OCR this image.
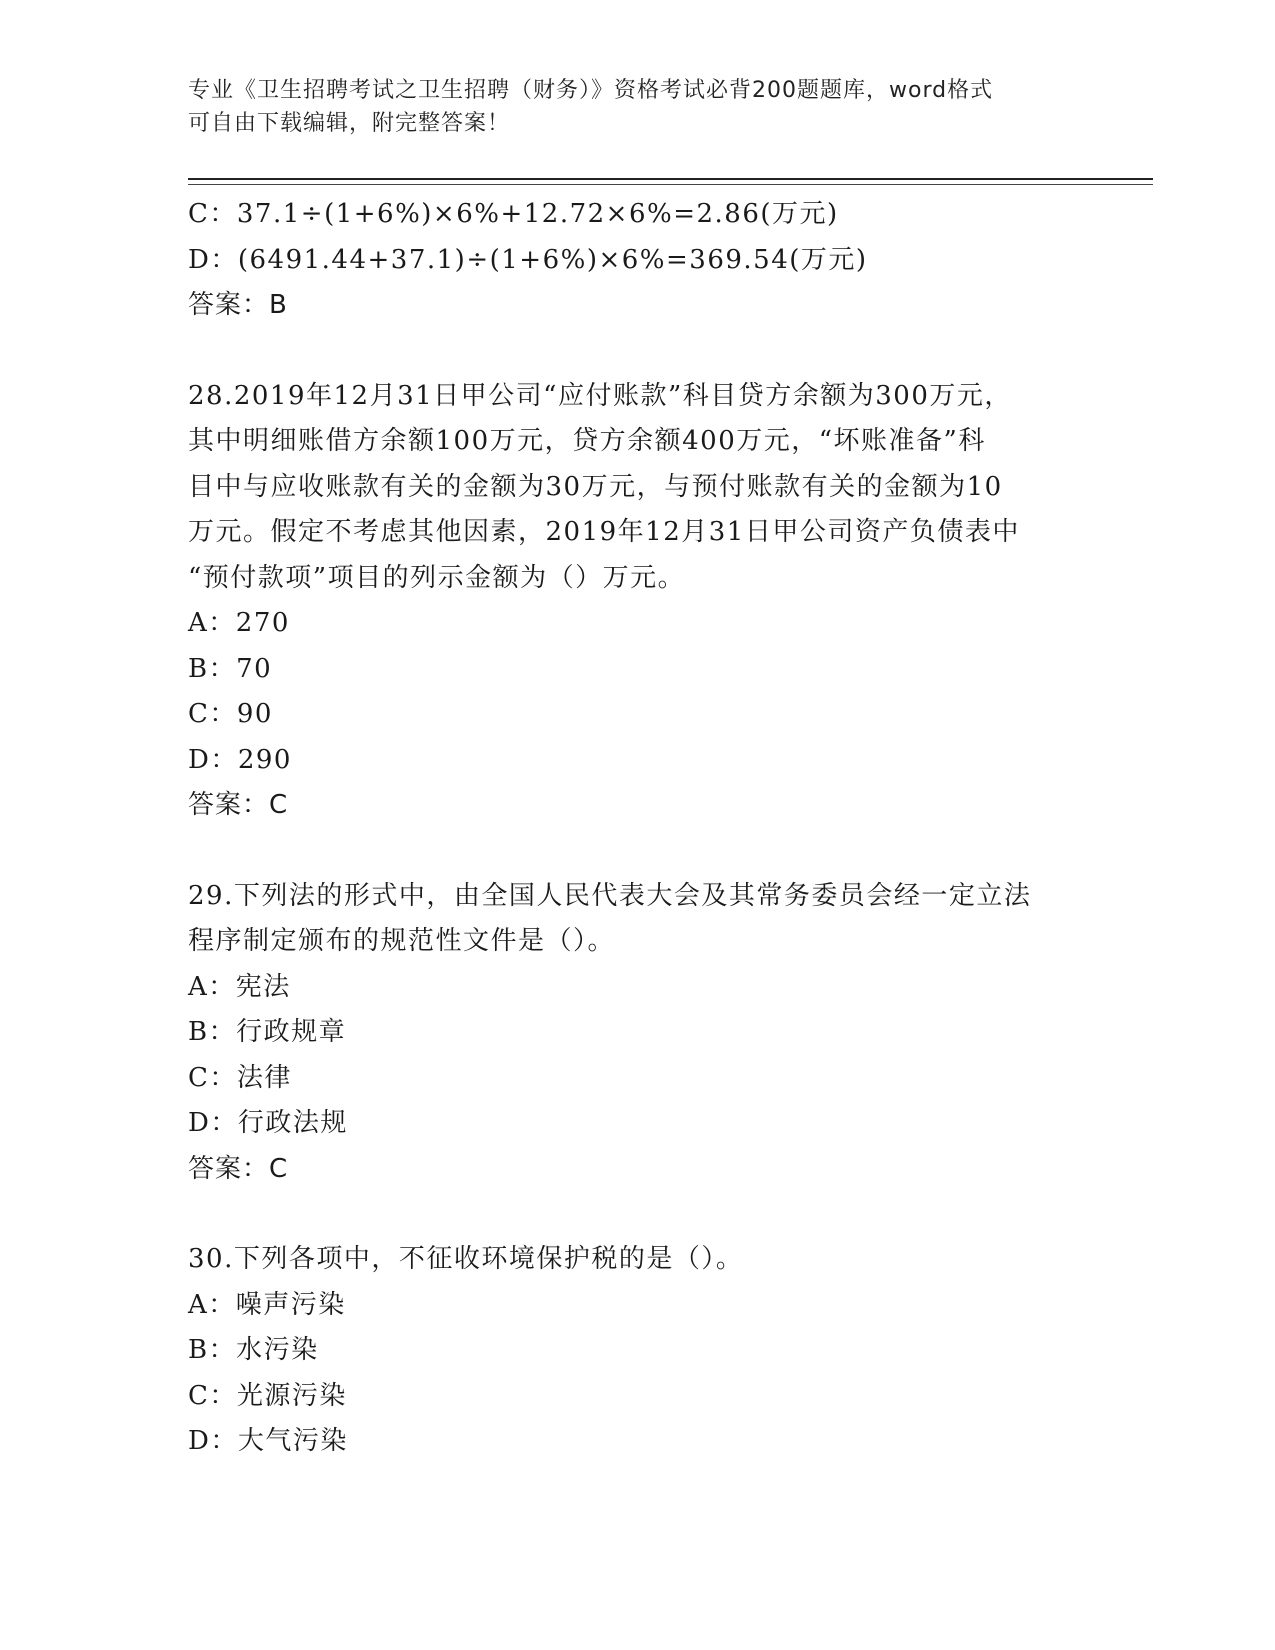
专业《卫生招聘考试之卫生招聘（财务）》资格考试必背200题题库，word格式
可自由下载编辑，附完整答案！
C：37.1÷(1+6%)×6%+12.72×6%=2.86(万元)
D：(6491.44+37.1)÷(1+6%)×6%=369.54(万元)
答案：B
28.2019年12月31日甲公司“应付账款”科目贷方余额为300万元，
其中明细账借方余额100万元，贷方余额400万元，“坏账准备”科
目中与应收账款有关的金额为30万元，与预付账款有关的金额为10
万元。假定不考虑其他因素，2019年12月31日甲公司资产负债表中
“预付款项”项目的列示金额为（）万元。
A：270
B：70
C：90
D：290
答案：C
29.下列法的形式中，由全国人民代表大会及其常务委员会经一定立法
程序制定颁布的规范性文件是（）。
A：宪法
B：行政规章
C：法律
D：行政法规
答案：C
30.下列各项中，不征收环境保护税的是（）。
A：噪声污染
B：水污染
C：光源污染
D：大气污染
